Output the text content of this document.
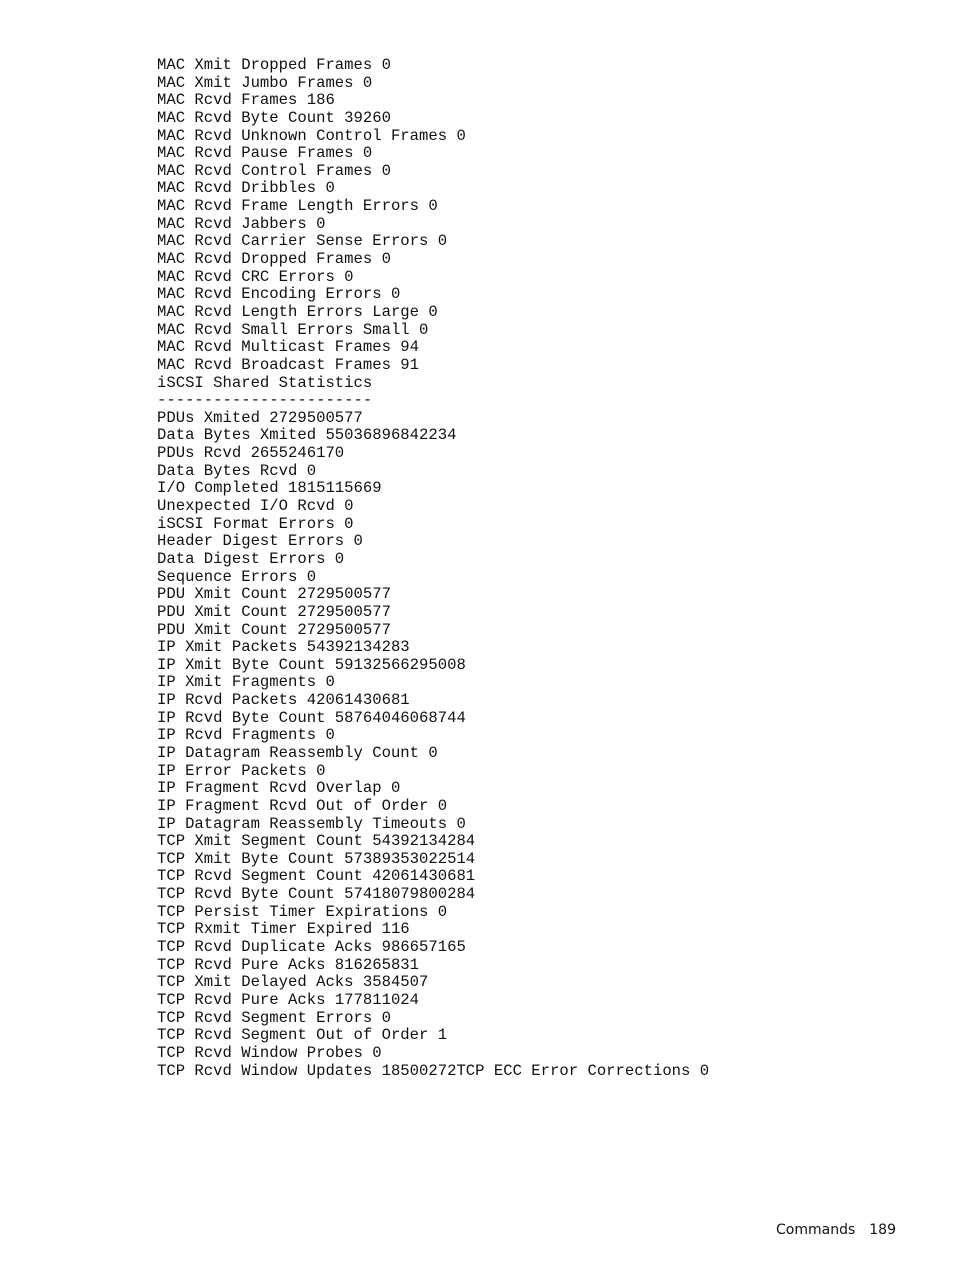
MAC Xmit Dropped Frames 0
MAC Xmit Jumbo Frames 0
MAC Rcvd Frames 186
MAC Rcvd Byte Count 39260
MAC Rcvd Unknown Control Frames 0
MAC Rcvd Pause Frames 0
MAC Rcvd Control Frames 0
MAC Rcvd Dribbles 0
MAC Rcvd Frame Length Errors 0
MAC Rcvd Jabbers 0
MAC Rcvd Carrier Sense Errors 0
MAC Rcvd Dropped Frames 0
MAC Rcvd CRC Errors 0
MAC Rcvd Encoding Errors 0
MAC Rcvd Length Errors Large 0
MAC Rcvd Small Errors Small 0
MAC Rcvd Multicast Frames 94
MAC Rcvd Broadcast Frames 91
iSCSI Shared Statistics
-----------------------
PDUs Xmited 2729500577
Data Bytes Xmited 55036896842234
PDUs Rcvd 2655246170
Data Bytes Rcvd 0
I/O Completed 1815115669
Unexpected I/O Rcvd 0
iSCSI Format Errors 0
Header Digest Errors 0
Data Digest Errors 0
Sequence Errors 0
PDU Xmit Count 2729500577
PDU Xmit Count 2729500577
PDU Xmit Count 2729500577
IP Xmit Packets 54392134283
IP Xmit Byte Count 59132566295008
IP Xmit Fragments 0
IP Rcvd Packets 42061430681
IP Rcvd Byte Count 58764046068744
IP Rcvd Fragments 0
IP Datagram Reassembly Count 0
IP Error Packets 0
IP Fragment Rcvd Overlap 0
IP Fragment Rcvd Out of Order 0
IP Datagram Reassembly Timeouts 0
TCP Xmit Segment Count 54392134284
TCP Xmit Byte Count 57389353022514
TCP Rcvd Segment Count 42061430681
TCP Rcvd Byte Count 57418079800284
TCP Persist Timer Expirations 0
TCP Rxmit Timer Expired 116
TCP Rcvd Duplicate Acks 986657165
TCP Rcvd Pure Acks 816265831
TCP Xmit Delayed Acks 3584507
TCP Rcvd Pure Acks 177811024
TCP Rcvd Segment Errors 0
TCP Rcvd Segment Out of Order 1
TCP Rcvd Window Probes 0
TCP Rcvd Window Updates 18500272TCP ECC Error Corrections 0
Commands 189
